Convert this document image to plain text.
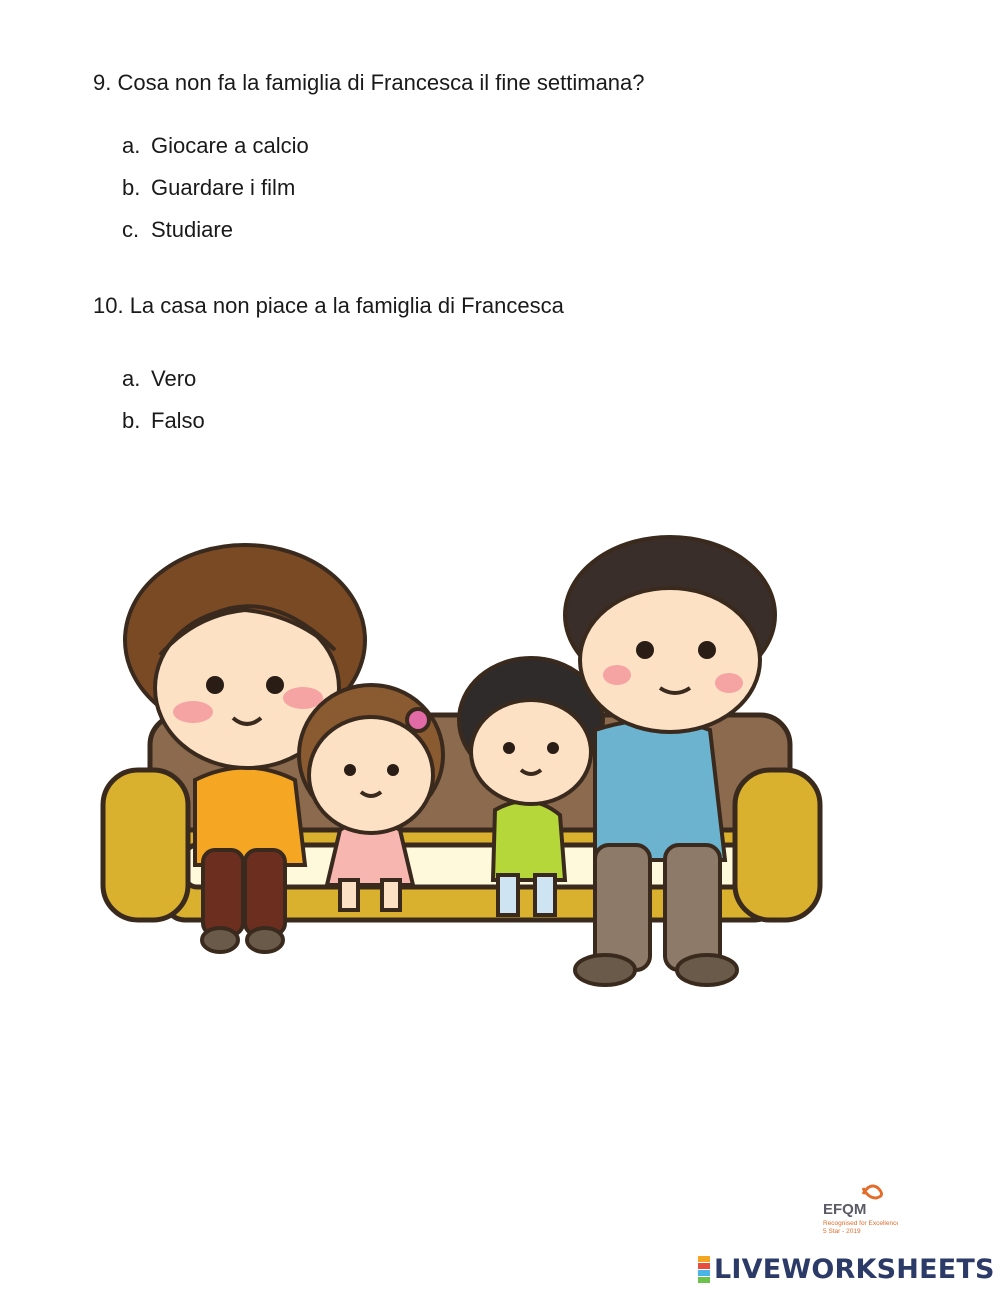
9. Cosa non fa la famiglia di Francesca il fine settimana?
a. Giocare a calcio
b. Guardare i film
c. Studiare
10. La casa non piace a la famiglia di Francesca
a. Vero
b. Falso
EFQM
Recognised for Excellence
5 Star - 2019
LIVEWORKSHEETS
